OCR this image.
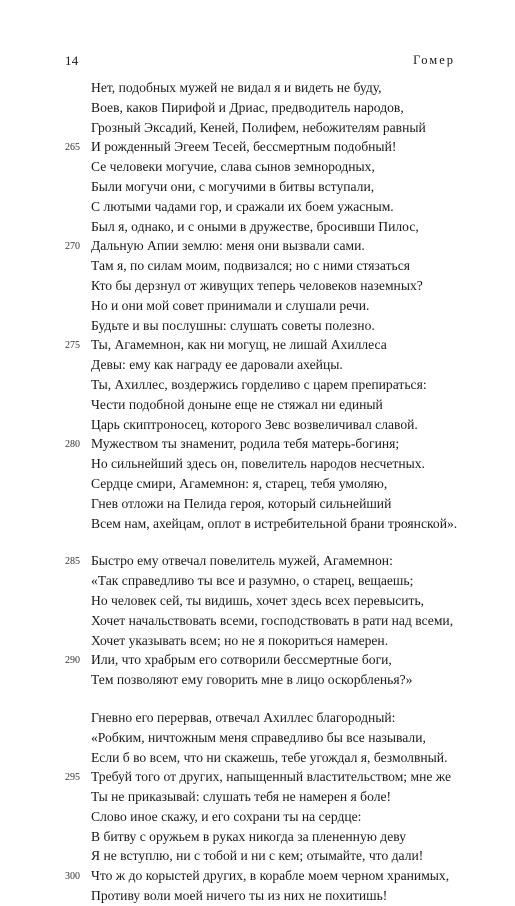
14	Гомер
Нет, подобных мужей не видал я и видеть не буду,
Воев, каков Пирифой и Дриас, предводитель народов,
Грозный Эксадий, Кеней, Полифем, небожителям равный
265 И рожденный Эгеем Тесей, бессмертным подобный!
Се человеки могучие, слава сынов земнородных,
Были могучи они, с могучими в битвы вступали,
С лютыми чадами гор, и сражали их боем ужасным.
Был я, однако, и с оными в дружестве, бросивши Пилос,
270 Дальную Апии землю: меня они вызвали сами.
Там я, по силам моим, подвизался; но с ними стязаться
Кто бы дерзнул от живущих теперь человеков наземных?
Но и они мой совет принимали и слушали речи.
Будьте и вы послушны: слушать советы полезно.
275 Ты, Агамемнон, как ни могущ, не лишай Ахиллеса
Девы: ему как награду ее даровали ахейцы.
Ты, Ахиллес, воздержись горделиво с царем препираться:
Чести подобной доныне еще не стяжал ни единый
Царь скиптроносец, которого Зевс возвеличивал славой.
280 Мужеством ты знаменит, родила тебя матерь-богиня;
Но сильнейший здесь он, повелитель народов несчетных.
Сердце смири, Агамемнон: я, старец, тебя умоляю,
Гнев отложи на Пелида героя, который сильнейший
Всем нам, ахейцам, оплот в истребительной брани троянской».
285 Быстро ему отвечал повелитель мужей, Агамемнон:
«Так справедливо ты все и разумно, о старец, вещаешь;
Но человек сей, ты видишь, хочет здесь всех перевысить,
Хочет начальствовать всеми, господствовать в рати над всеми,
Хочет указывать всем; но не я покориться намерен.
290 Или, что храбрым его сотворили бессмертные боги,
Тем позволяют ему говорить мне в лицо оскорбленья?»
Гневно его перервав, отвечал Ахиллес благородный:
«Робким, ничтожным меня справедливо бы все называли,
Если б во всем, что ни скажешь, тебе угождал я, безмолвный.
295 Требуй того от других, напыщенный властительством; мне же
Ты не приказывай: слушать тебя не намерен я боле!
Слово иное скажу, и его сохрани ты на сердце:
В битву с оружьем в руках никогда за плененную деву
Я не вступлю, ни с тобой и ни с кем; отымайте, что дали!
300 Что ж до корыстей других, в корабле моем черном хранимых,
Противу воли моей ничего ты из них не похитишь!
